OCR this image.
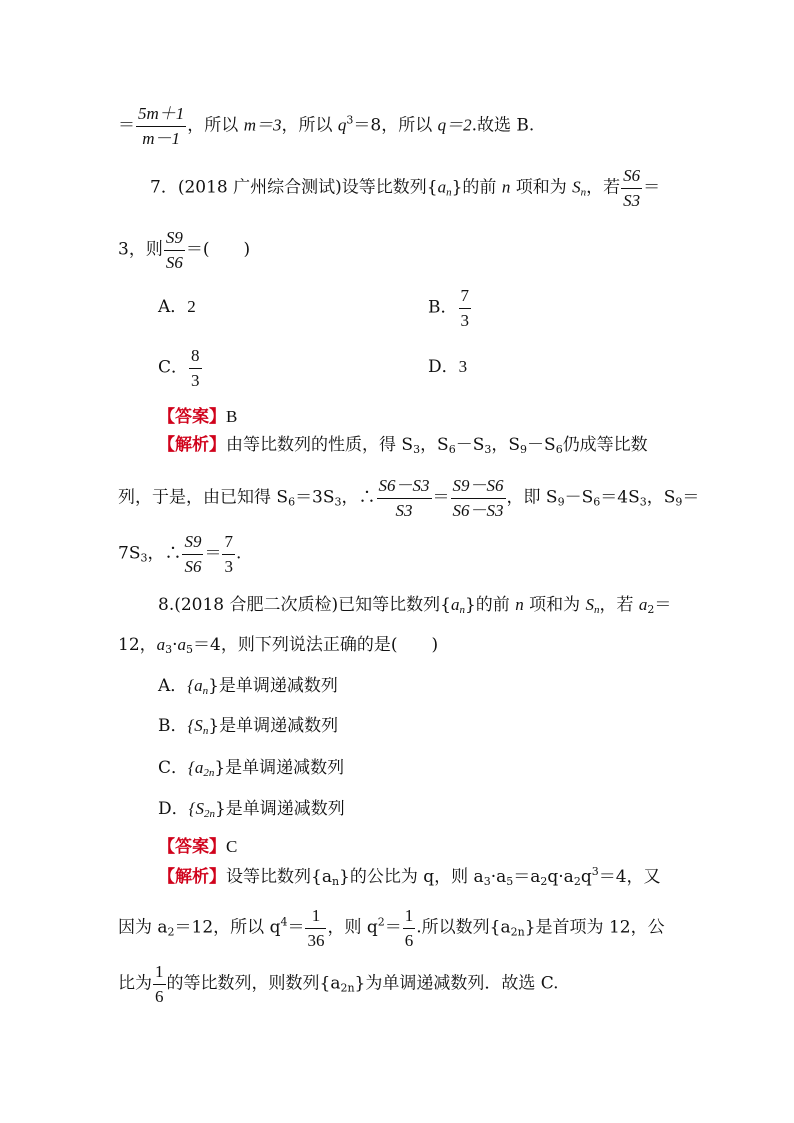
＝ $\frac{5m+1}{m-1}$ ，所以 m＝3，所以 $q^3=8$，所以 q＝2.故选 B.
7．(2018 广州综合测试)设等比数列$\{a_n\}$的前 n 项和为 $S_n$，若 $\frac{S6}{S3}$ ＝
3，则 $\frac{S9}{S6}$ ＝(　　)
A．2	B． $\frac{7}{3}$
C． $\frac{8}{3}$	D．3
【答案】B
【解析】由等比数列的性质，得 $S_3$，$S_6-S_3$，$S_9-S_6$仍成等比数
列，于是，由已知得 $S_6=3S_3$，∴ $\frac{S6-S3}{S3} = \frac{S9-S6}{S6-S3}$ ，即 $S_9-S_6=4S_3$，$S_9=$
$7S_3$，∴ $\frac{S9}{S6} = \frac{7}{3}$ .
8.(2018 合肥二次质检)已知等比数列$\{a_n\}$的前 n 项和为 $S_n$，若 $a_2=$
12，$a_3\cdot a_5=4$，则下列说法正确的是(　　)
A．$\{a_n\}$是单调递减数列
B．$\{S_n\}$是单调递减数列
C．$\{a_{2n}\}$是单调递减数列
D．$\{S_{2n}\}$是单调递减数列
【答案】C
【解析】设等比数列$\{a_n\}$的公比为 q，则 $a_3\cdot a_5=a_2q\cdot a_2q^3=4$，又
因为 $a_2=12$，所以 $q^4= \frac{1}{36}$ ，则 $q^2= \frac{1}{6}$ .所以数列$\{a_{2n}\}$是首项为 12，公
比为 $\frac{1}{6}$ 的等比数列，则数列$\{a_{2n}\}$为单调递减数列．故选 C.
